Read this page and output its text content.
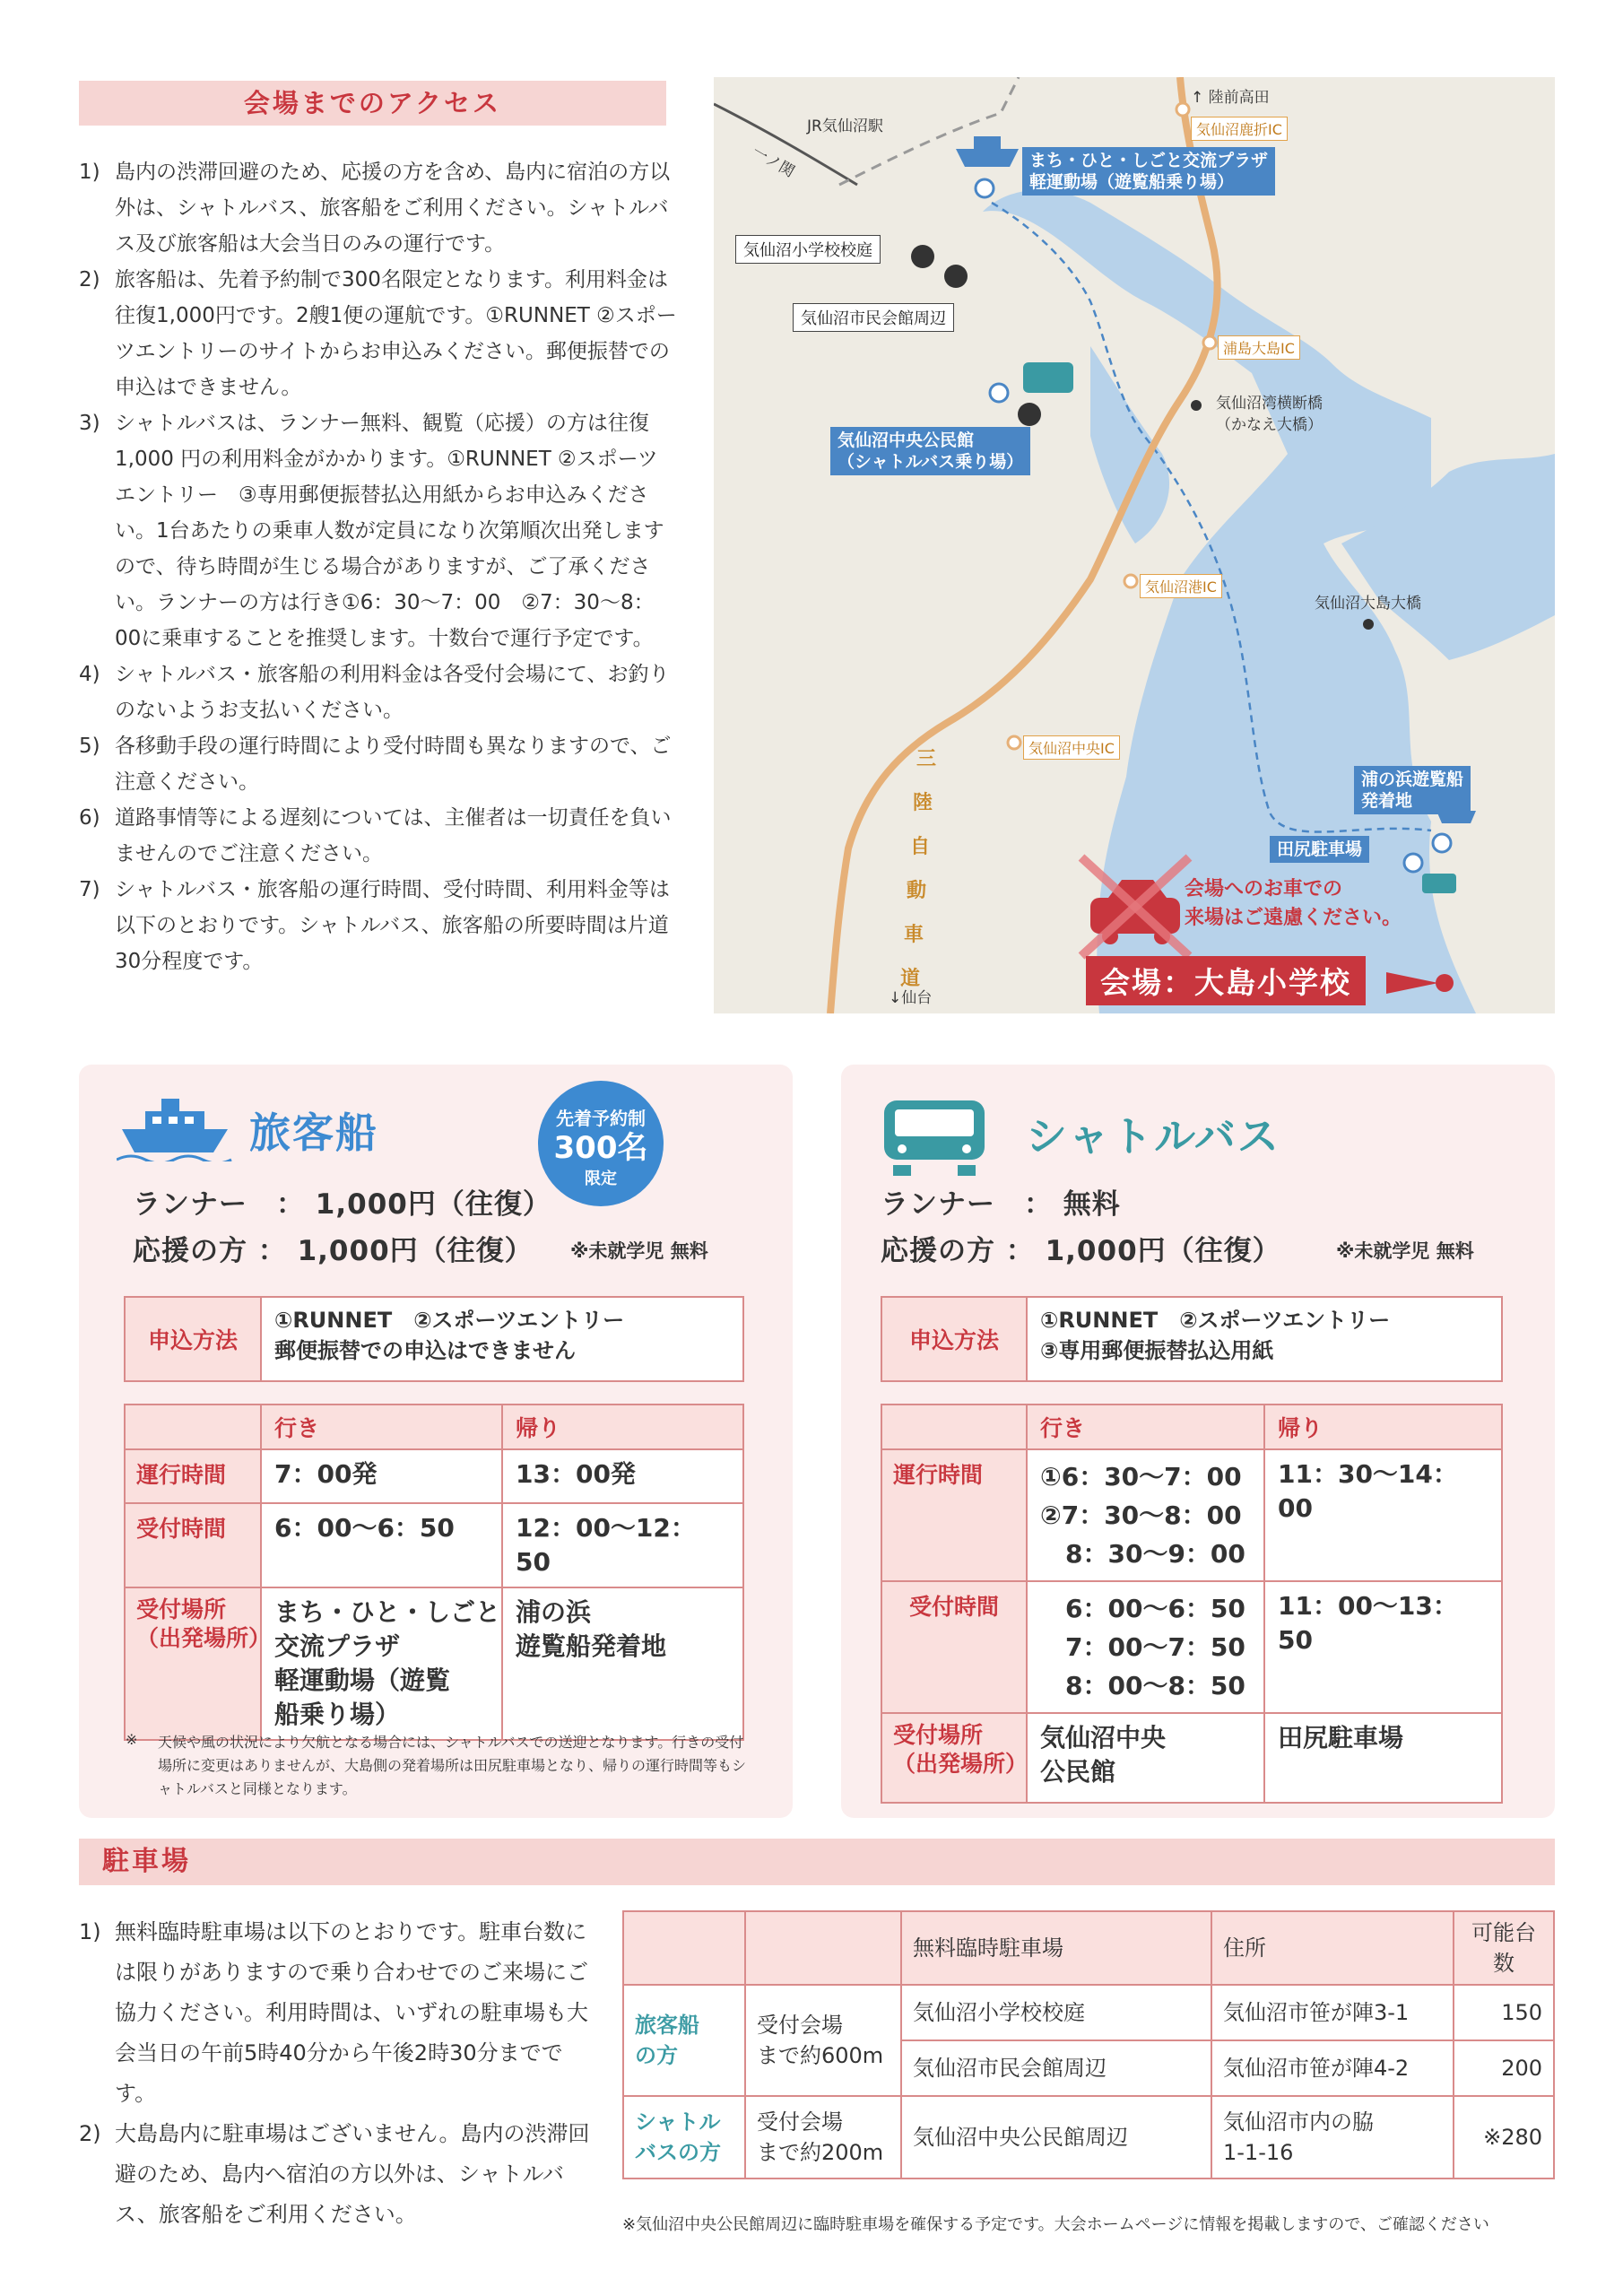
会場までのアクセス
1) 島内の渋滞回避のため、応援の方を含め、島内に宿泊の方以外は、シャトルバス、旅客船をご利用ください。シャトルバス及び旅客船は大会当日のみの運行です。
2) 旅客船は、先着予約制で300名限定となります。利用料金は往復1,000円です。2艘1便の運航です。①RUNNET ②スポーツエントリーのサイトからお申込みください。郵便振替での申込はできません。
3) シャトルバスは、ランナー無料、観覧（応援）の方は往復1,000 円の利用料金がかかります。①RUNNET ②スポーツエントリー　③専用郵便振替払込用紙からお申込みください。1台あたりの乗車人数が定員になり次第順次出発しますので、待ち時間が生じる場合がありますが、ご了承ください。ランナーの方は行き①6：30〜7：00　②7：30〜8：00に乗車することを推奨します。十数台で運行予定です。
4) シャトルバス・旅客船の利用料金は各受付会場にて、お釣りのないようお支払いください。
5) 各移動手段の運行時間により受付時間も異なりますので、ご注意ください。
6) 道路事情等による遅刻については、主催者は一切責任を負いませんのでご注意ください。
7) シャトルバス・旅客船の運行時間、受付時間、利用料金等は以下のとおりです。シャトルバス、旅客船の所要時間は片道30分程度です。
JR気仙沼駅
一ノ関
↑ 陸前高田
↓仙台
気仙沼鹿折IC
浦島大島IC
気仙沼港IC
気仙沼中央IC
まち・ひと・しごと交流プラザ
軽運動場（遊覧船乗り場）
気仙沼小学校校庭
気仙沼市民会館周辺
気仙沼中央公民館
（シャトルバス乗り場）
気仙沼湾横断橋
（かなえ大橋）
気仙沼大島大橋
浦の浜遊覧船
発着地
田尻駐車場
三
陸
自
動
車
道
会場へのお車での
来場はご遠慮ください。
会場：大島小学校
旅客船
ランナー　： 1,000円（往復）
応援の方 ： 1,000円（往復） ※未就学児 無料
申込方法	①RUNNET　②スポーツエントリー
郵便振替での申込はできません
	行き	帰り
運行時間	7：00発	13：00発
受付時間	6：00〜6：50	12：00〜12：50
受付場所
（出発場所）	まち・ひと・しごと
交流プラザ
軽運動場（遊覧
船乗り場）	浦の浜
遊覧船発着地
※ 天候や風の状況により欠航となる場合には、シャトルバスでの送迎となります。行きの受付場所に変更はありませんが、大島側の発着場所は田尻駐車場となり、帰りの運行時間等もシャトルバスと同様となります。
先着予約制
300名
限定
シャトルバス
ランナー　： 無料
応援の方 ： 1,000円（往復）	※未就学児 無料
申込方法	①RUNNET　②スポーツエントリー
③専用郵便振替払込用紙
	行き	帰り
運行時間	①6：30〜7：00
②7：30〜8：00
　8：30〜9：00	11：30〜14：00
受付時間	　6：00〜6：50
　7：00〜7：50
　8：00〜8：50	11：00〜13：50
受付場所
（出発場所）	気仙沼中央
公民館	田尻駐車場
駐車場
1) 無料臨時駐車場は以下のとおりです。駐車台数には限りがありますので乗り合わせでのご来場にご協力ください。利用時間は、いずれの駐車場も大会当日の午前5時40分から午後2時30分までです。
2) 大島島内に駐車場はございません。島内の渋滞回避のため、島内へ宿泊の方以外は、シャトルバス、旅客船をご利用ください。
		無料臨時駐車場	住所	可能台数
旅客船
の方	受付会場
まで約600m	気仙沼小学校校庭	気仙沼市笹が陣3-1	150
		気仙沼市民会館周辺	気仙沼市笹が陣4-2	200
シャトル
バスの方	受付会場
まで約200m	気仙沼中央公民館周辺	気仙沼市内の脇
1-1-16	※280
※気仙沼中央公民館周辺に臨時駐車場を確保する予定です。大会ホームページに情報を掲載しますので、ご確認ください
